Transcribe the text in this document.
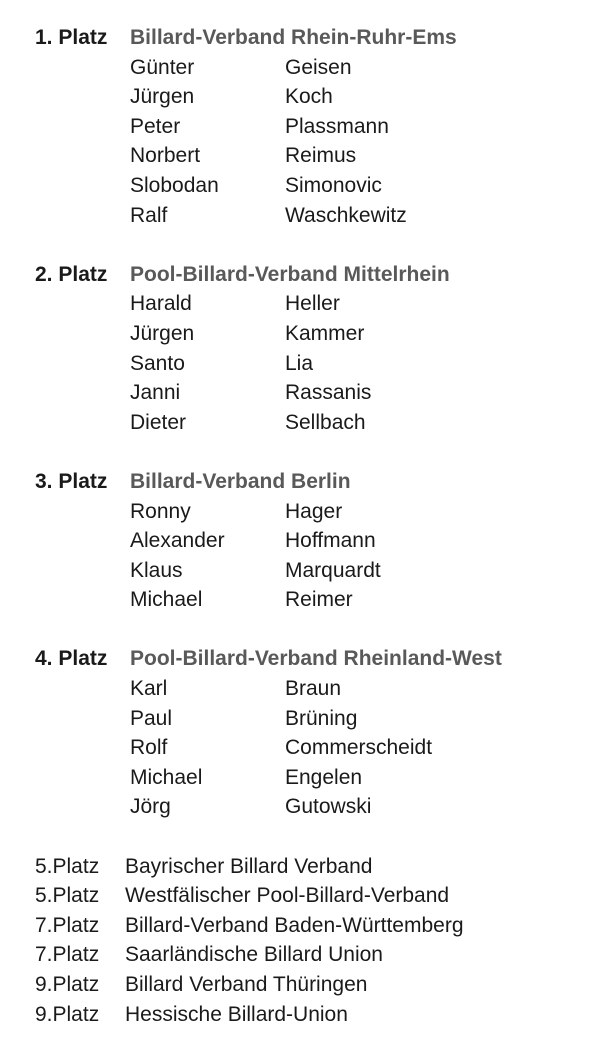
1. Platz	Billard-Verband Rhein-Ruhr-Ems
Günter	Geisen
Jürgen	Koch
Peter	Plassmann
Norbert	Reimus
Slobodan	Simonovic
Ralf	Waschkewitz
2. Platz	Pool-Billard-Verband Mittelrhein
Harald	Heller
Jürgen	Kammer
Santo	Lia
Janni	Rassanis
Dieter	Sellbach
3. Platz	Billard-Verband Berlin
Ronny	Hager
Alexander	Hoffmann
Klaus	Marquardt
Michael	Reimer
4. Platz	Pool-Billard-Verband Rheinland-West
Karl	Braun
Paul	Brüning
Rolf	Commerscheidt
Michael	Engelen
Jörg	Gutowski
5.Platz	Bayrischer Billard Verband
5.Platz	Westfälischer Pool-Billard-Verband
7.Platz	Billard-Verband Baden-Württemberg
7.Platz	Saarländische Billard Union
9.Platz	Billard Verband Thüringen
9.Platz	Hessische Billard-Union
